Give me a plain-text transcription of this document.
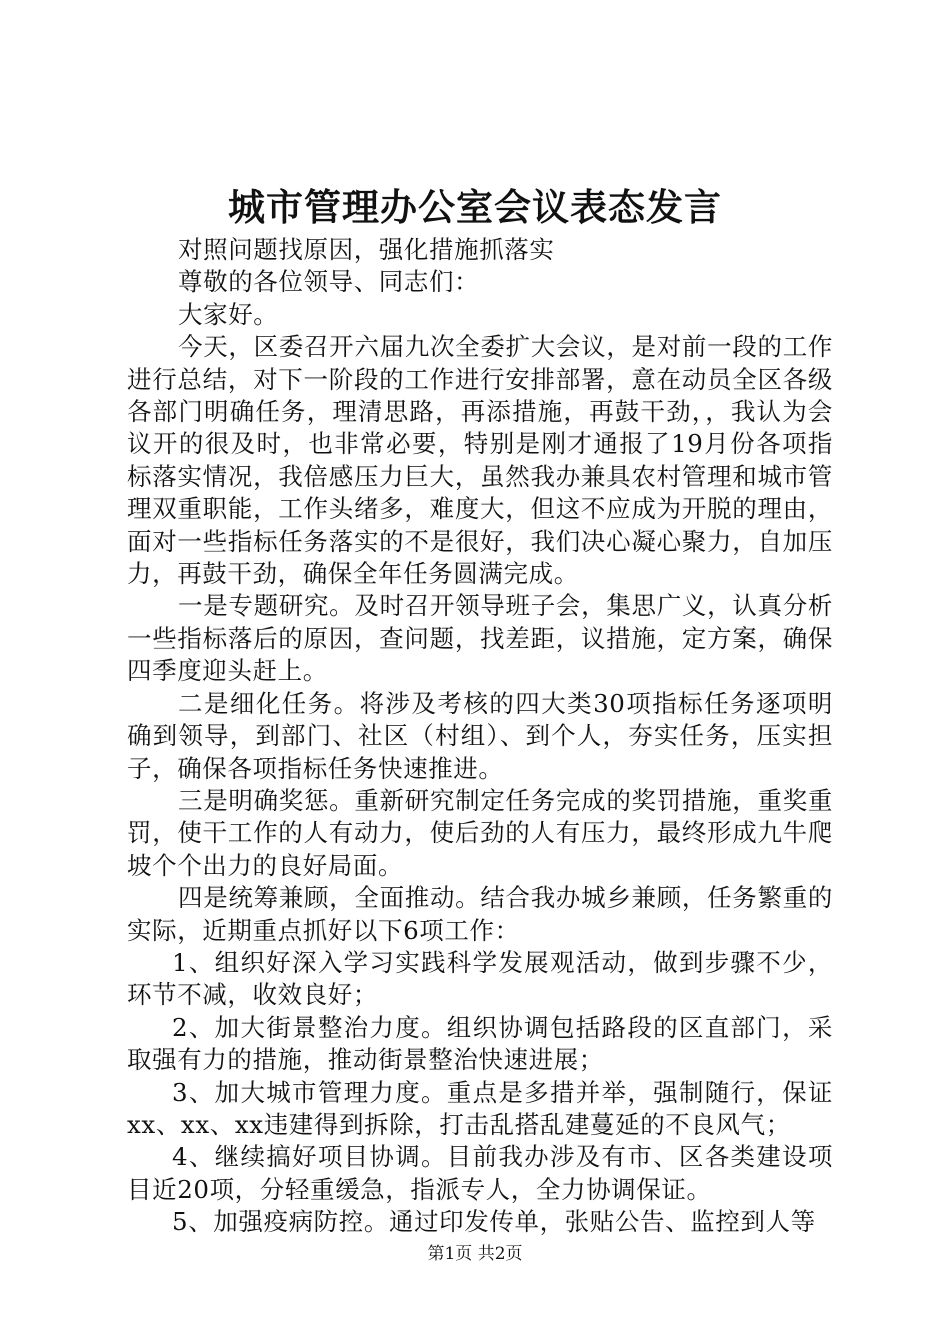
城市管理办公室会议表态发言

对照问题找原因，强化措施抓落实

尊敬的各位领导、同志们：

大家好。

今天，区委召开六届九次全委扩大会议，是对前一段的工作进行总结，对下一阶段的工作进行安排部署，意在动员全区各级各部门明确任务，理清思路，再添措施，再鼓干劲，，我认为会议开的很及时，也非常必要，特别是刚才通报了19月份各项指标落实情况，我倍感压力巨大，虽然我办兼具农村管理和城市管理双重职能，工作头绪多，难度大，但这不应成为开脱的理由，面对一些指标任务落实的不是很好，我们决心凝心聚力，自加压力，再鼓干劲，确保全年任务圆满完成。

一是专题研究。及时召开领导班子会，集思广义，认真分析一些指标落后的原因，查问题，找差距，议措施，定方案，确保四季度迎头赶上。

二是细化任务。将涉及考核的四大类30项指标任务逐项明确到领导，到部门、社区（村组）、到个人，夯实任务，压实担子，确保各项指标任务快速推进。

三是明确奖惩。重新研究制定任务完成的奖罚措施，重奖重罚，使干工作的人有动力，使后劲的人有压力，最终形成九牛爬坡个个出力的良好局面。

四是统筹兼顾，全面推动。结合我办城乡兼顾，任务繁重的实际，近期重点抓好以下6项工作：

1、组织好深入学习实践科学发展观活动，做到步骤不少，环节不减，收效良好；

2、加大街景整治力度。组织协调包括路段的区直部门，采取强有力的措施，推动街景整治快速进展；

3、加大城市管理力度。重点是多措并举，强制随行，保证xx、xx、xx违建得到拆除，打击乱搭乱建蔓延的不良风气；

4、继续搞好项目协调。目前我办涉及有市、区各类建设项目近20项，分轻重缓急，指派专人，全力协调保证。

5、加强疫病防控。通过印发传单，张贴公告、监控到人等

第1页 共2页
